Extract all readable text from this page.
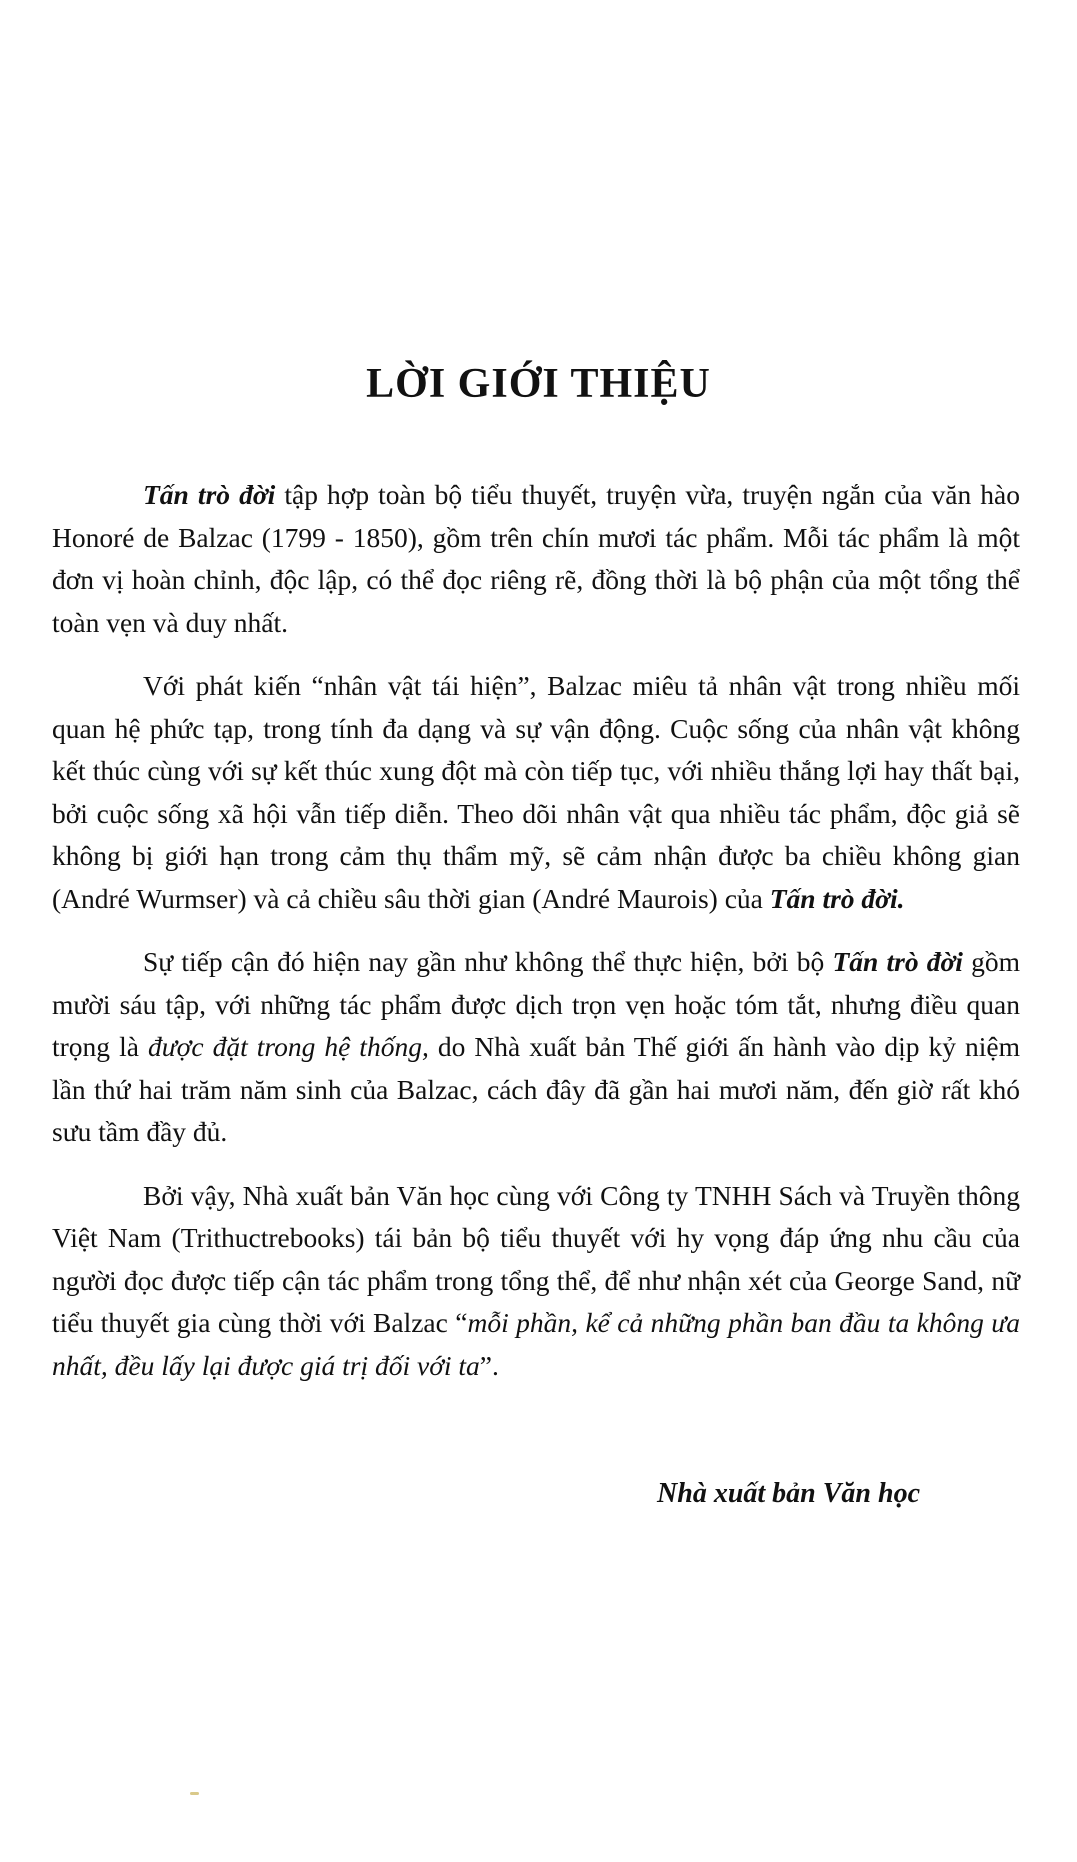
LỜI GIỚI THIỆU

Tấn trò đời tập hợp toàn bộ tiểu thuyết, truyện vừa, truyện ngắn của văn hào Honoré de Balzac (1799 - 1850), gồm trên chín mươi tác phẩm. Mỗi tác phẩm là một đơn vị hoàn chỉnh, độc lập, có thể đọc riêng rẽ, đồng thời là bộ phận của một tổng thể toàn vẹn và duy nhất.

Với phát kiến “nhân vật tái hiện”, Balzac miêu tả nhân vật trong nhiều mối quan hệ phức tạp, trong tính đa dạng và sự vận động. Cuộc sống của nhân vật không kết thúc cùng với sự kết thúc xung đột mà còn tiếp tục, với nhiều thắng lợi hay thất bại, bởi cuộc sống xã hội vẫn tiếp diễn. Theo dõi nhân vật qua nhiều tác phẩm, độc giả sẽ không bị giới hạn trong cảm thụ thẩm mỹ, sẽ cảm nhận được ba chiều không gian (André Wurmser) và cả chiều sâu thời gian (André Maurois) của Tấn trò đời.

Sự tiếp cận đó hiện nay gần như không thể thực hiện, bởi bộ Tấn trò đời gồm mười sáu tập, với những tác phẩm được dịch trọn vẹn hoặc tóm tắt, nhưng điều quan trọng là được đặt trong hệ thống, do Nhà xuất bản Thế giới ấn hành vào dịp kỷ niệm lần thứ hai trăm năm sinh của Balzac, cách đây đã gần hai mươi năm, đến giờ rất khó sưu tầm đầy đủ.

Bởi vậy, Nhà xuất bản Văn học cùng với Công ty TNHH Sách và Truyền thông Việt Nam (Trithuctrebooks) tái bản bộ tiểu thuyết với hy vọng đáp ứng nhu cầu của người đọc được tiếp cận tác phẩm trong tổng thể, để như nhận xét của George Sand, nữ tiểu thuyết gia cùng thời với Balzac “mỗi phần, kể cả những phần ban đầu ta không ưa nhất, đều lấy lại được giá trị đối với ta”.

Nhà xuất bản Văn học
